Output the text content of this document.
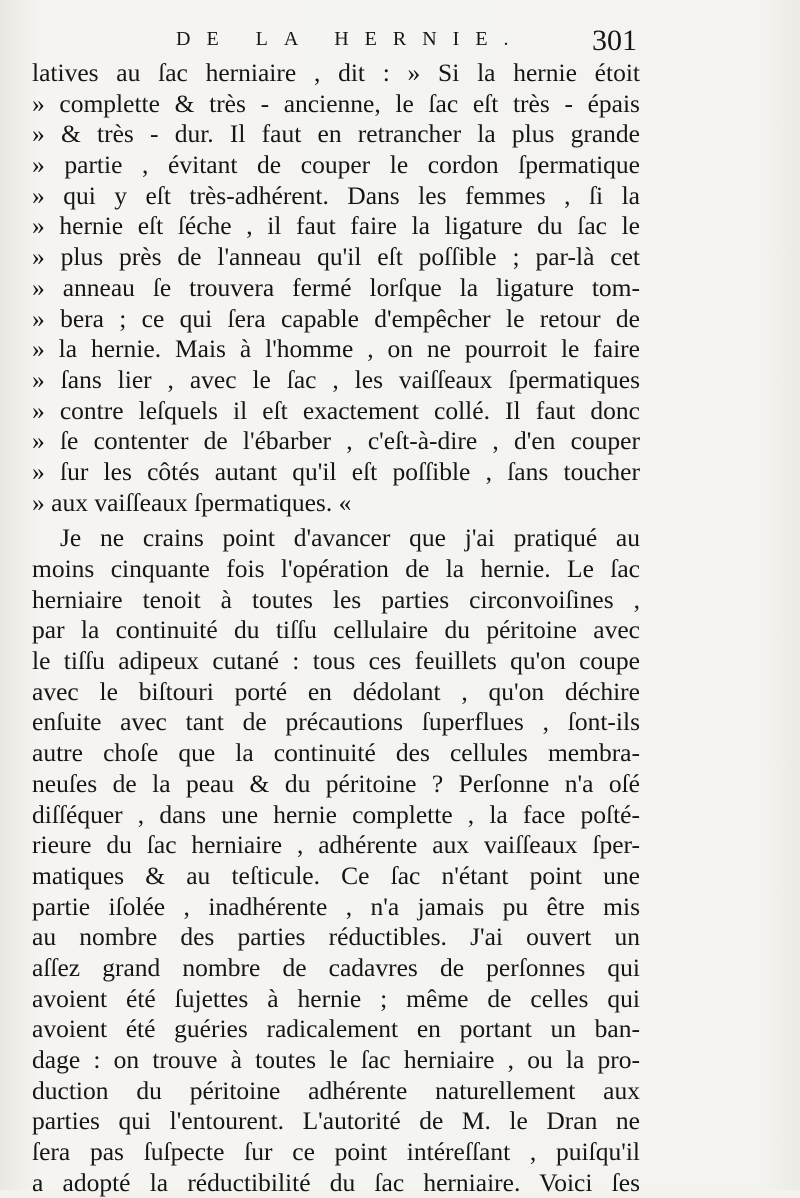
DE LA HERNIE. 301
latives au ſac herniaire , dit : » Si la hernie étoit
» complette & très - ancienne, le ſac eſt très - épais
» & très - dur. Il faut en retrancher la plus grande
» partie , évitant de couper le cordon ſpermatique
» qui y eſt très-adhérent. Dans les femmes , ſi la
» hernie eſt ſéche , il faut faire la ligature du ſac le
» plus près de l'anneau qu'il eſt poſſible ; par-là cet
» anneau ſe trouvera fermé lorſque la ligature tom-
» bera ; ce qui ſera capable d'empêcher le retour de
» la hernie. Mais à l'homme , on ne pourroit le faire
» ſans lier , avec le ſac , les vaiſſeaux ſpermatiques
» contre leſquels il eſt exactement collé. Il faut donc
» ſe contenter de l'ébarber , c'eſt-à-dire , d'en couper
» ſur les côtés autant qu'il eſt poſſible , ſans toucher
» aux vaiſſeaux ſpermatiques. «
Je ne crains point d'avancer que j'ai pratiqué au
moins cinquante fois l'opération de la hernie. Le ſac
herniaire tenoit à toutes les parties circonvoiſines ,
par la continuité du tiſſu cellulaire du péritoine avec
le tiſſu adipeux cutané : tous ces feuillets qu'on coupe
avec le biſtouri porté en dédolant , qu'on déchire
enſuite avec tant de précautions ſuperflues , ſont-ils
autre choſe que la continuité des cellules membra-
neuſes de la peau & du péritoine ? Perſonne n'a oſé
diſſéquer , dans une hernie complette , la face poſté-
rieure du ſac herniaire , adhérente aux vaiſſeaux ſper-
matiques & au teſticule. Ce ſac n'étant point une
partie iſolée , inadhérente , n'a jamais pu être mis
au nombre des parties réductibles. J'ai ouvert un
aſſez grand nombre de cadavres de perſonnes qui
avoient été ſujettes à hernie ; même de celles qui
avoient été guéries radicalement en portant un ban-
dage : on trouve à toutes le ſac herniaire , ou la pro-
duction du péritoine adhérente naturellement aux
parties qui l'entourent. L'autorité de M. le Dran ne
ſera pas ſuſpecte ſur ce point intéreſſant , puiſqu'il
a adopté la réductibilité du ſac herniaire. Voici ſes
